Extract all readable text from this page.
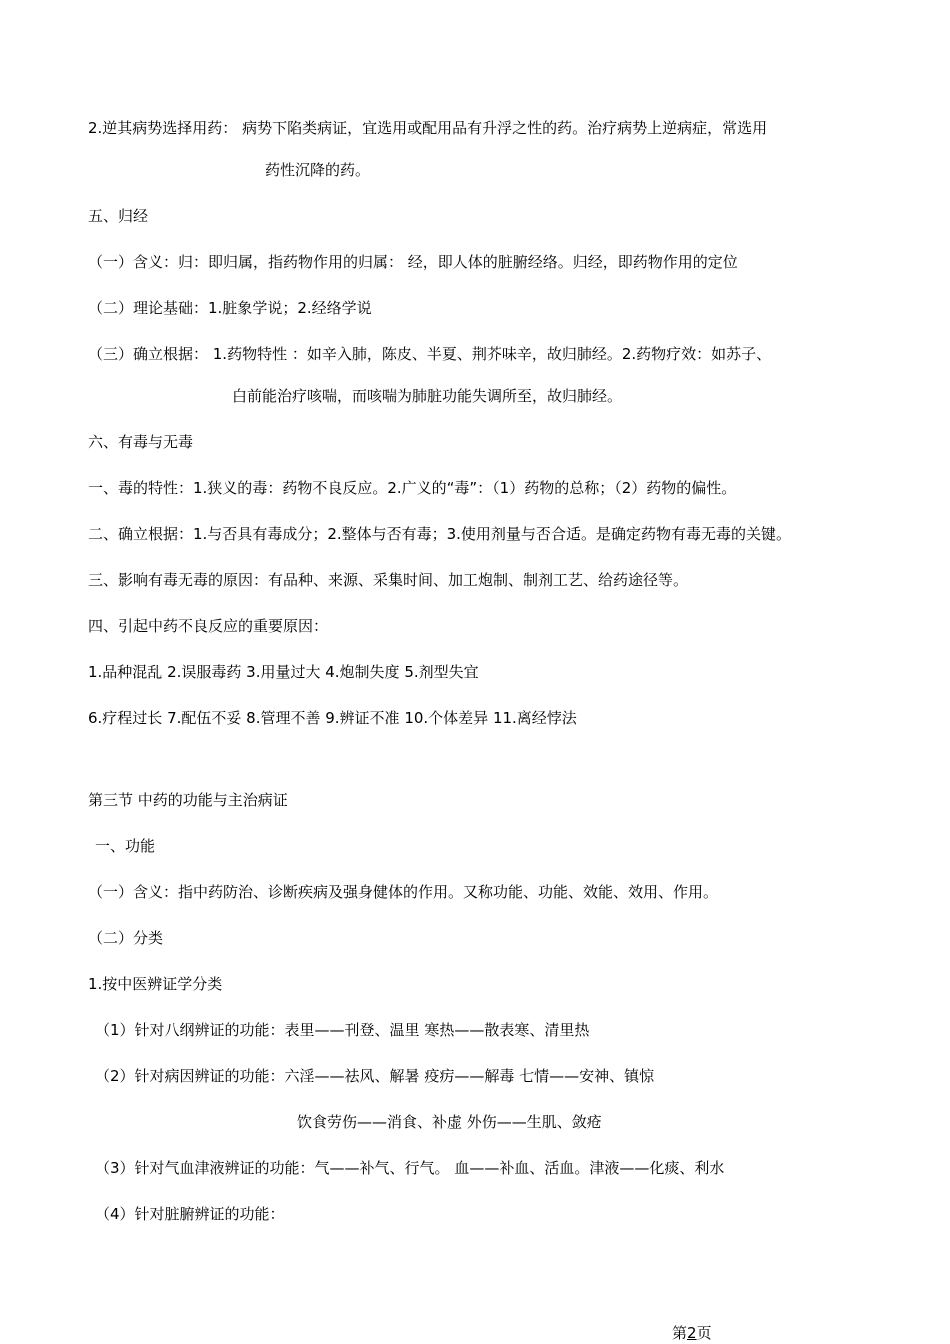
2.逆其病势选择用药： 病势下陷类病证，宜选用或配用品有升浮之性的药。治疗病势上逆病症，常选用
药性沉降的药。
五、归经
（一）含义：归：即归属，指药物作用的归属： 经，即人体的脏腑经络。归经，即药物作用的定位
（二）理论基础：1.脏象学说；2.经络学说
（三）确立根据： 1.药物特性 ：如辛入肺，陈皮、半夏、荆芥味辛，故归肺经。2.药物疗效：如苏子、
白前能治疗咳喘，而咳喘为肺脏功能失调所至，故归肺经。
六、有毒与无毒
一、毒的特性：1.狭义的毒：药物不良反应。2.广义的“毒”：（1）药物的总称；（2）药物的偏性。
二、确立根据：1.与否具有毒成分；2.整体与否有毒；3.使用剂量与否合适。是确定药物有毒无毒的关键。
三、影响有毒无毒的原因：有品种、来源、采集时间、加工炮制、制剂工艺、给药途径等。
四、引起中药不良反应的重要原因：
1.品种混乱 2.误服毒药 3.用量过大 4.炮制失度 5.剂型失宜
6.疗程过长 7.配伍不妥 8.管理不善 9.辨证不准 10.个体差异 11.离经悖法
第三节 中药的功能与主治病证
一、功能
（一）含义：指中药防治、诊断疾病及强身健体的作用。又称功能、功能、效能、效用、作用。
（二）分类
1.按中医辨证学分类
（1）针对八纲辨证的功能：表里——刊登、温里 寒热——散表寒、清里热
（2）针对病因辨证的功能：六淫——祛风、解暑 疫疠——解毒 七情——安神、镇惊
饮食劳伤——消食、补虚 外伤——生肌、敛疮
（3）针对气血津液辨证的功能：气——补气、行气。 血——补血、活血。津液——化痰、利水
（4）针对脏腑辨证的功能：
第2页
